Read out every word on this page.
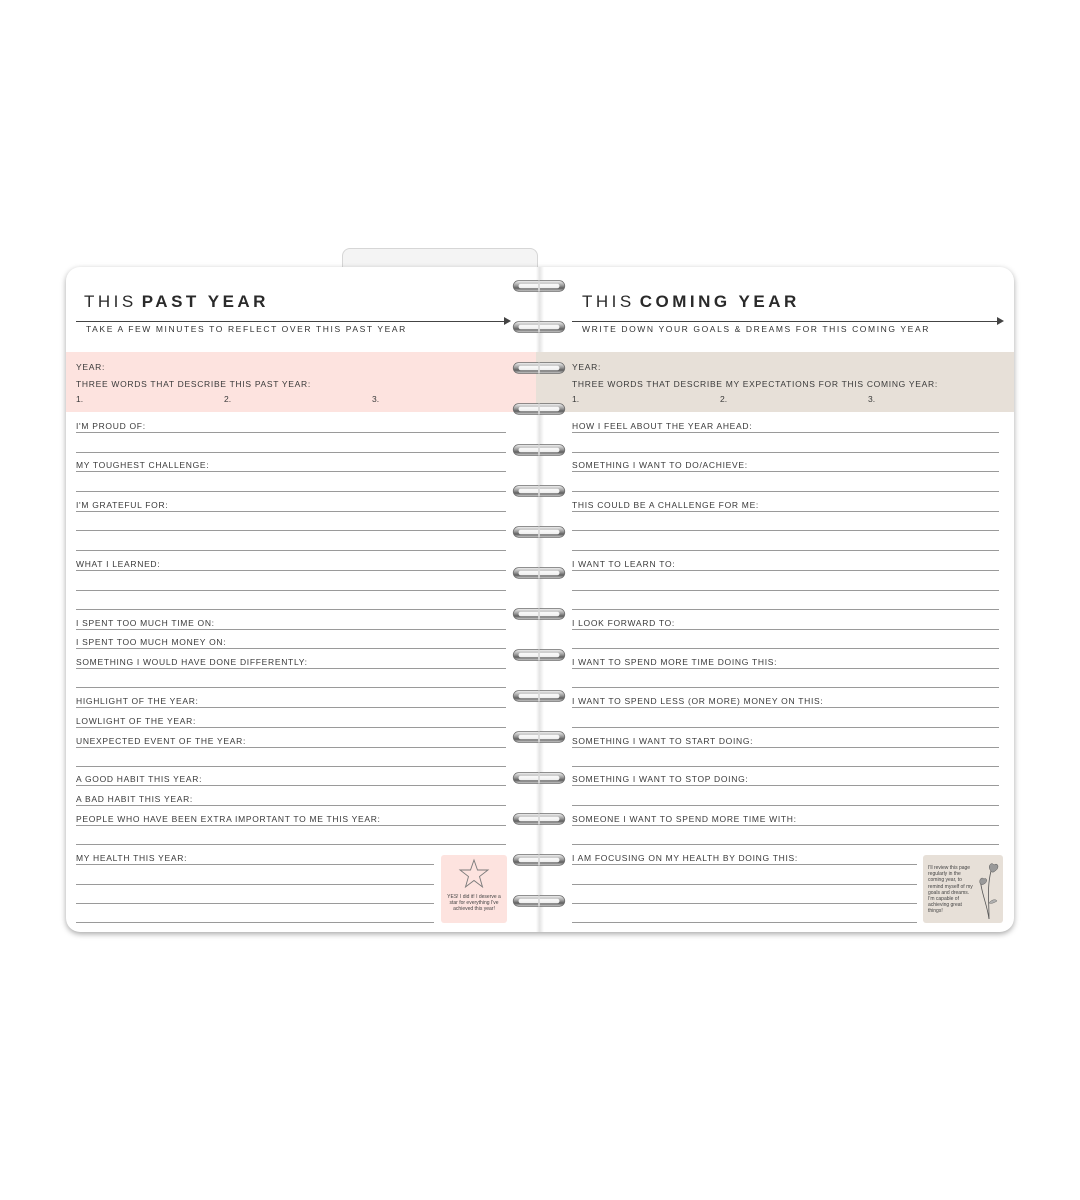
THIS PAST YEAR
TAKE A FEW MINUTES TO REFLECT OVER THIS PAST YEAR
YEAR:
THREE WORDS THAT DESCRIBE THIS PAST YEAR:
1.	2.	3.
I'M PROUD OF:
MY TOUGHEST CHALLENGE:
I'M GRATEFUL FOR:
WHAT I LEARNED:
I SPENT TOO MUCH TIME ON:
I SPENT TOO MUCH MONEY ON:
SOMETHING I WOULD HAVE DONE DIFFERENTLY:
HIGHLIGHT OF THE YEAR:
LOWLIGHT OF THE YEAR:
UNEXPECTED EVENT OF THE YEAR:
A GOOD HABIT THIS YEAR:
A BAD HABIT THIS YEAR:
PEOPLE WHO HAVE BEEN EXTRA IMPORTANT TO ME THIS YEAR:
MY HEALTH THIS YEAR:
YES! I did it! I deserve a star for everything I've achieved this year!
THIS COMING YEAR
WRITE DOWN YOUR GOALS & DREAMS FOR THIS COMING YEAR
YEAR:
THREE WORDS THAT DESCRIBE MY EXPECTATIONS FOR THIS COMING YEAR:
1.	2.	3.
HOW I FEEL ABOUT THE YEAR AHEAD:
SOMETHING I WANT TO DO/ACHIEVE:
THIS COULD BE A CHALLENGE FOR ME:
I WANT TO LEARN TO:
I LOOK FORWARD TO:
I WANT TO SPEND MORE TIME DOING THIS:
I WANT TO SPEND LESS (OR MORE) MONEY ON THIS:
SOMETHING I WANT TO START DOING:
SOMETHING I WANT TO STOP DOING:
SOMEONE I WANT TO SPEND MORE TIME WITH:
I AM FOCUSING ON MY HEALTH BY DOING THIS:
I'll review this page regularly in the coming year, to remind myself of my goals and dreams. I'm capable of achieving great things!
